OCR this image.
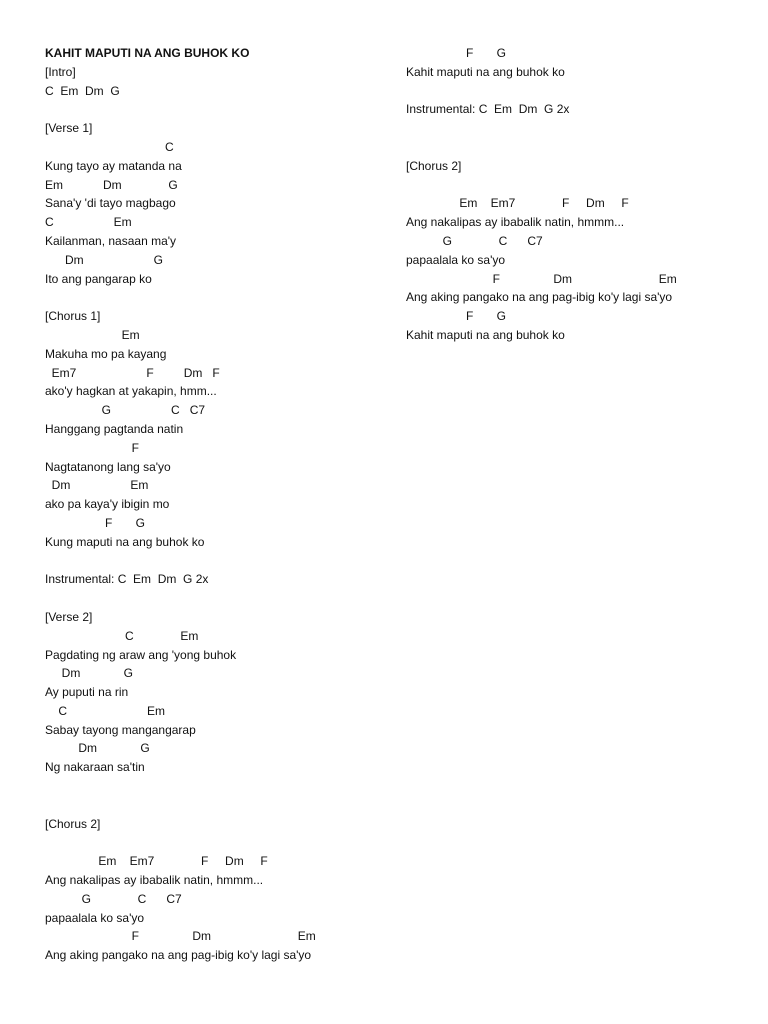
KAHIT MAPUTI NA ANG BUHOK KO
[Intro]
C  Em  Dm  G
[Verse 1]
C
Kung tayo ay matanda na
Em            Dm              G
Sana'y 'di tayo magbago
C                  Em
Kailanman, nasaan ma'y
Dm                     G
Ito ang pangarap ko
[Chorus 1]
Em
Makuha mo pa kayang
Em7                     F         Dm   F
ako'y hagkan at yakapin, hmm...
G                  C   C7
Hanggang pagtanda natin
F
Nagtatanong lang sa'yo
Dm                  Em
ako pa kaya'y ibigin mo
F       G
Kung maputi na ang buhok ko
Instrumental: C  Em  Dm  G 2x
[Verse 2]
C              Em
Pagdating ng araw ang 'yong buhok
Dm             G
Ay puputi na rin
C                        Em
Sabay tayong mangangarap
Dm             G
Ng nakaraan sa'tin
[Chorus 2]
Em    Em7              F     Dm     F
Ang nakalipas ay ibabalik natin, hmmm...
G              C      C7
papaalala ko sa'yo
F                Dm                          Em
Ang aking pangako na ang pag-ibig ko'y lagi sa'yo
F       G
Kahit maputi na ang buhok ko
Instrumental: C  Em  Dm  G 2x
[Chorus 2]
Em    Em7              F     Dm     F
Ang nakalipas ay ibabalik natin, hmmm...
G              C      C7
papaalala ko sa'yo
F                Dm                          Em
Ang aking pangako na ang pag-ibig ko'y lagi sa'yo
F       G
Kahit maputi na ang buhok ko
